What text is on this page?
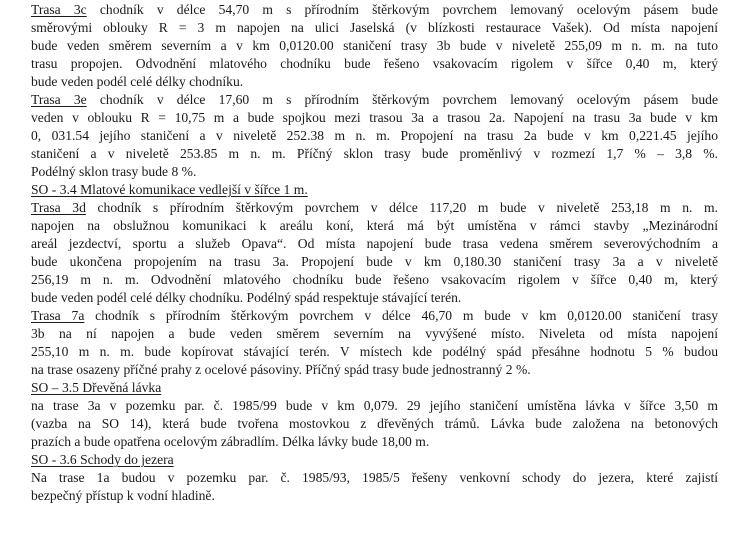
Trasa 3c chodník v délce 54,70 m s přírodním štěrkovým povrchem lemovaný ocelovým pásem bude
směrovými oblouky R = 3 m napojen na ulici Jaselská (v blízkosti restaurace Vašek). Od místa napojení
bude veden směrem severním a v km 0,0120.00 staničení trasy 3b bude v niveletě 255,09 m n. m. na tuto
trasu propojen. Odvodnění mlatového chodníku bude řešeno vsakovacím rigolem v šířce 0,40 m, který
bude veden podél celé délky chodníku.
Trasa 3e chodník v délce 17,60 m s přírodním štěrkovým povrchem lemovaný ocelovým pásem bude
veden v oblouku R = 10,75 m a bude spojkou mezi trasou 3a a trasou 2a. Napojení na trasu 3a bude v km
0, 031.54 jejího staničení a v niveletě 252.38 m n. m. Propojení na trasu 2a bude v km 0,221.45 jejího
staničení a v niveletě 253.85 m n. m. Příčný sklon trasy bude proměnlivý v rozmezí 1,7 % – 3,8 %.
Podélný sklon trasy bude 8 %.
SO - 3.4 Mlatové komunikace vedlejší v šířce 1 m.
Trasa 3d chodník s přírodním štěrkovým povrchem v délce 117,20 m bude v niveletě 253,18 m n. m.
napojen na obslužnou komunikaci k areálu koní, která má být umístěna v rámci stavby „Mezinárodní
areál jezdectví, sportu a služeb Opava“. Od místa napojení bude trasa vedena směrem severovýchodním a
bude ukončena propojením na trasu 3a. Propojení bude v km 0,180.30 staničení trasy 3a a v niveletě
256,19 m n. m. Odvodnění mlatového chodníku bude řešeno vsakovacím rigolem v šířce 0,40 m, který
bude veden podél celé délky chodníku. Podélný spád respektuje stávající terén.
Trasa 7a chodník s přírodním štěrkovým povrchem v délce 46,70 m bude v km 0,0120.00 staničení trasy
3b na ní napojen a bude veden směrem severním na vyvýšené místo. Niveleta od místa napojení
255,10 m n. m. bude kopírovat stávající terén. V místech kde podélný spád přesáhne hodnotu 5 % budou
na trase osazeny příčné prahy z ocelové pásoviny. Příčný spád trasy bude jednostranný 2 %.
SO – 3.5 Dřevěná lávka
na trase 3a v pozemku par. č. 1985/99 bude v km 0,079. 29 jejího staničení umístěna lávka v šířce 3,50 m
(vazba na SO 14), která bude tvořena mostovkou z dřevěných trámů. Lávka bude založena na betonových
prazích a bude opatřena ocelovým zábradlím. Délka lávky bude 18,00 m.
SO - 3.6 Schody do jezera
Na trase 1a budou v pozemku par. č. 1985/93, 1985/5 řešeny venkovní schody do jezera, které zajistí
bezpečný přístup k vodní hladině.
